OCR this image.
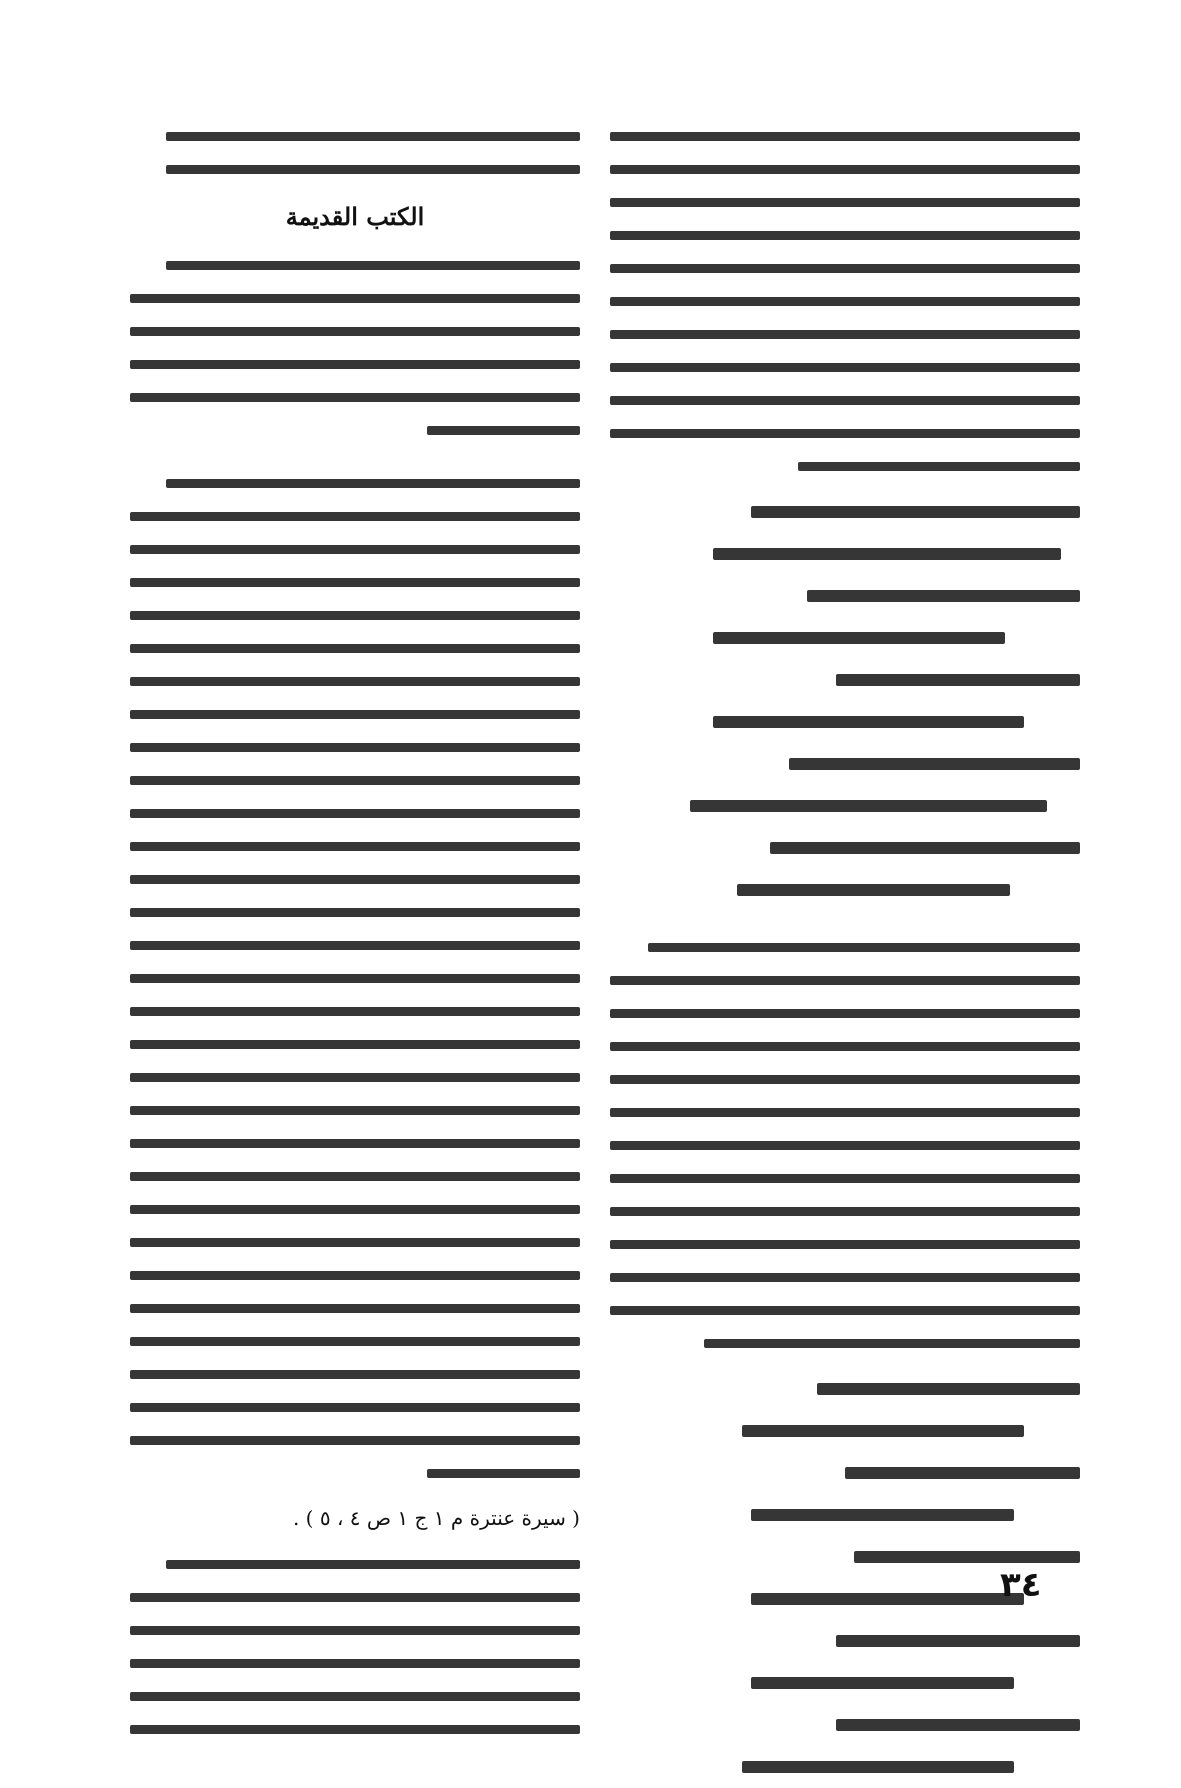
الكتب القديمة
( سيرة عنترة م ١ ج ١ ص ٤ ، ٥ ) .
٣٤
